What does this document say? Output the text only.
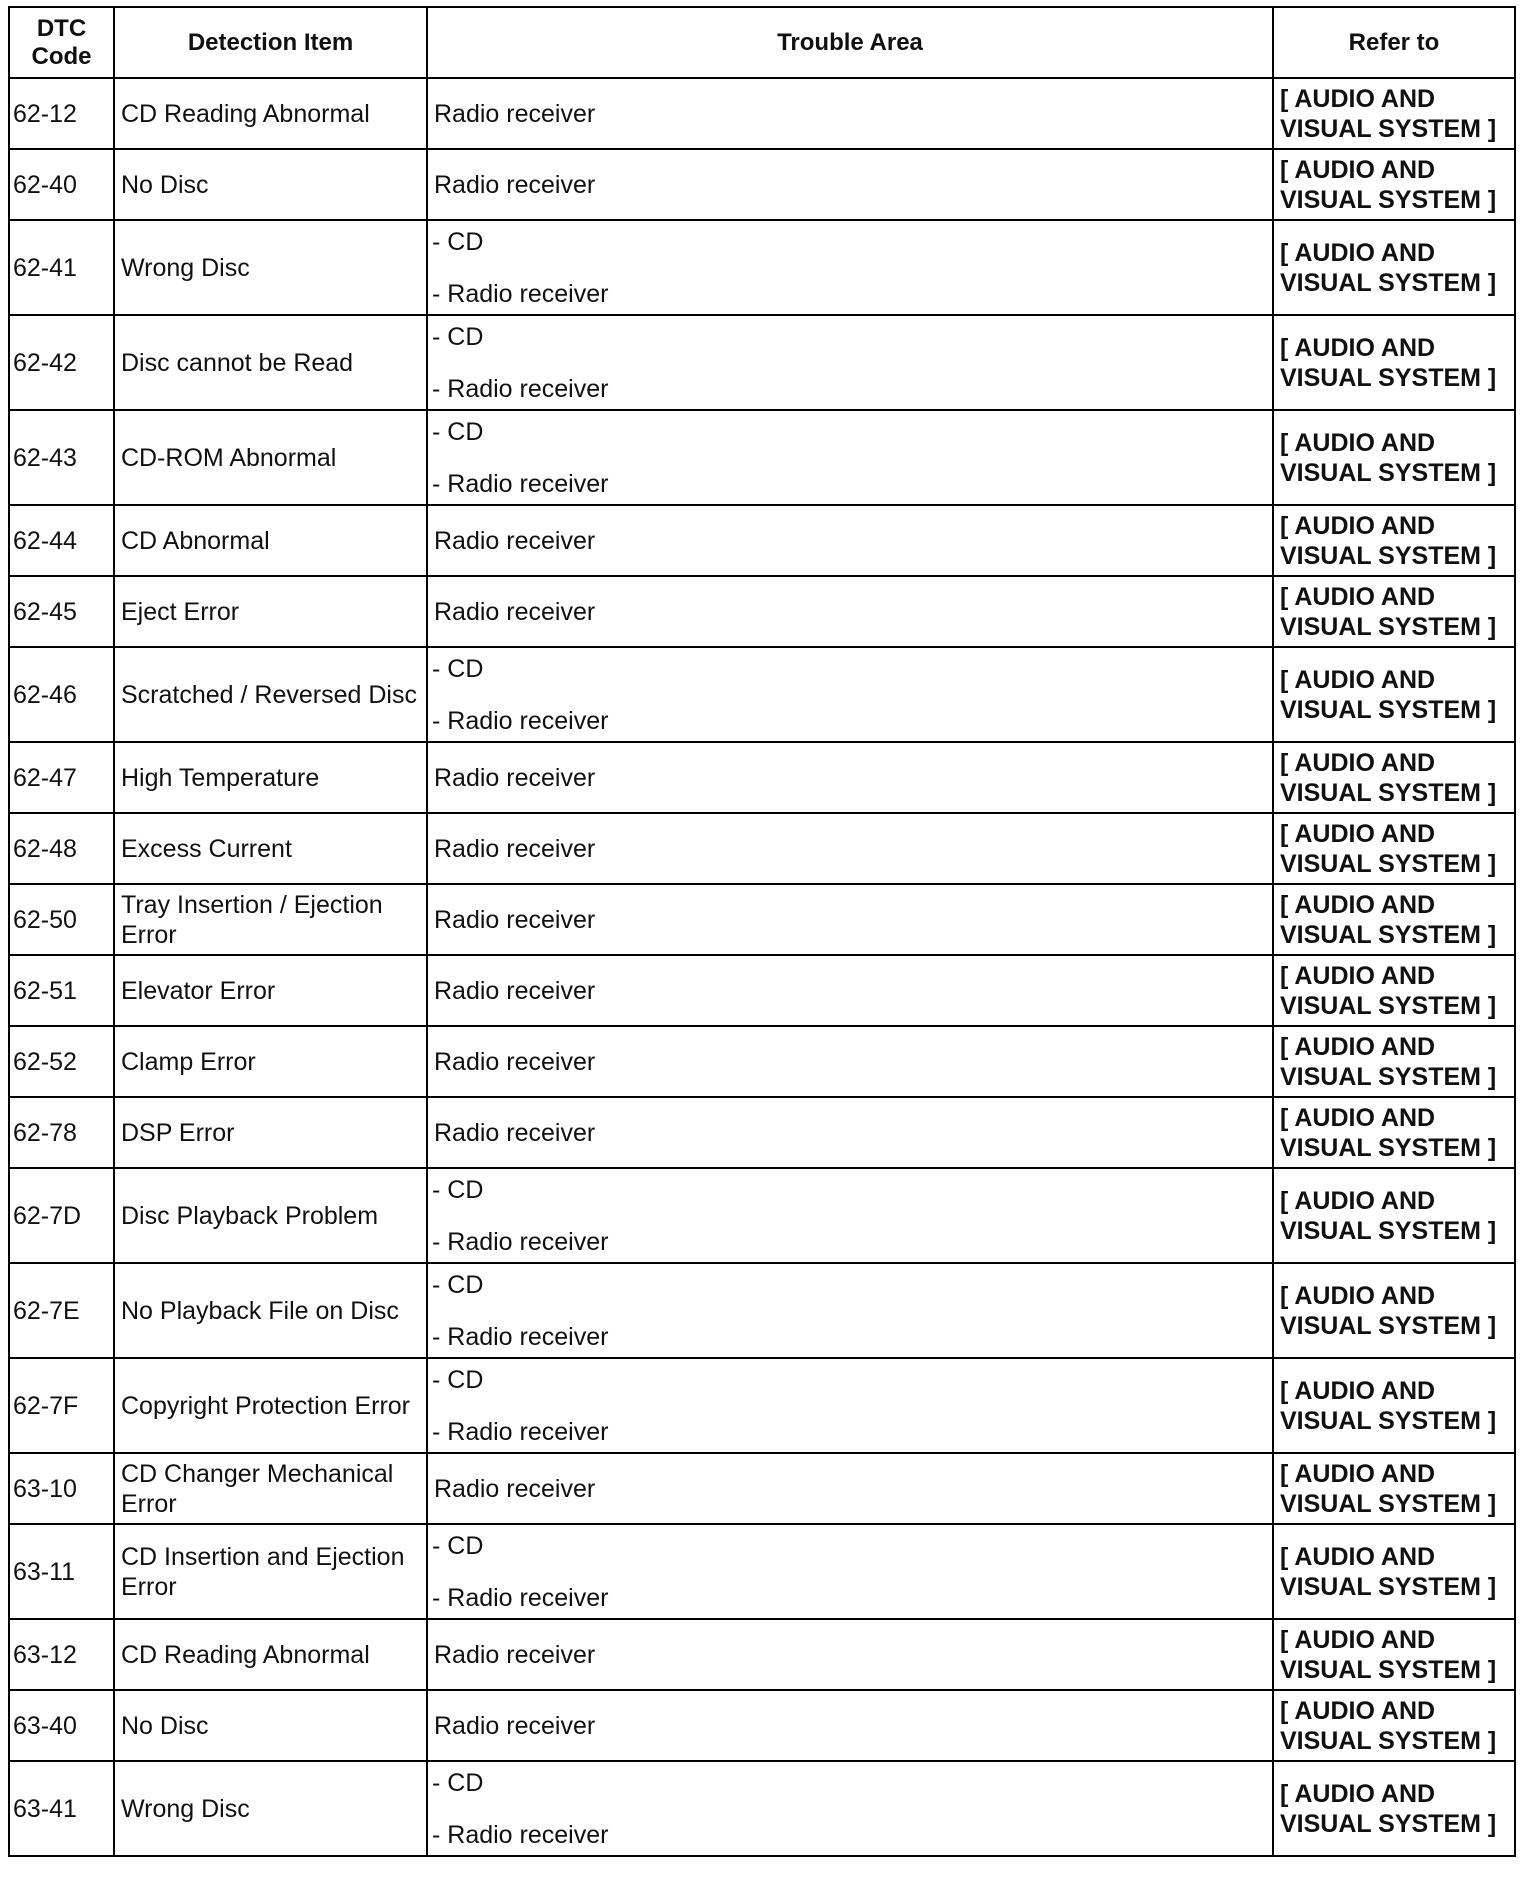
DTC Code	Detection Item	Trouble Area	Refer to
62-12	CD Reading Abnormal	Radio receiver	[ AUDIO AND VISUAL SYSTEM ]
62-40	No Disc	Radio receiver	[ AUDIO AND VISUAL SYSTEM ]
62-41	Wrong Disc	- CD
- Radio receiver	[ AUDIO AND VISUAL SYSTEM ]
62-42	Disc cannot be Read	- CD
- Radio receiver	[ AUDIO AND VISUAL SYSTEM ]
62-43	CD-ROM Abnormal	- CD
- Radio receiver	[ AUDIO AND VISUAL SYSTEM ]
62-44	CD Abnormal	Radio receiver	[ AUDIO AND VISUAL SYSTEM ]
62-45	Eject Error	Radio receiver	[ AUDIO AND VISUAL SYSTEM ]
62-46	Scratched / Reversed Disc	- CD
- Radio receiver	[ AUDIO AND VISUAL SYSTEM ]
62-47	High Temperature	Radio receiver	[ AUDIO AND VISUAL SYSTEM ]
62-48	Excess Current	Radio receiver	[ AUDIO AND VISUAL SYSTEM ]
62-50	Tray Insertion / Ejection Error	Radio receiver	[ AUDIO AND VISUAL SYSTEM ]
62-51	Elevator Error	Radio receiver	[ AUDIO AND VISUAL SYSTEM ]
62-52	Clamp Error	Radio receiver	[ AUDIO AND VISUAL SYSTEM ]
62-78	DSP Error	Radio receiver	[ AUDIO AND VISUAL SYSTEM ]
62-7D	Disc Playback Problem	- CD
- Radio receiver	[ AUDIO AND VISUAL SYSTEM ]
62-7E	No Playback File on Disc	- CD
- Radio receiver	[ AUDIO AND VISUAL SYSTEM ]
62-7F	Copyright Protection Error	- CD
- Radio receiver	[ AUDIO AND VISUAL SYSTEM ]
63-10	CD Changer Mechanical Error	Radio receiver	[ AUDIO AND VISUAL SYSTEM ]
63-11	CD Insertion and Ejection Error	- CD
- Radio receiver	[ AUDIO AND VISUAL SYSTEM ]
63-12	CD Reading Abnormal	Radio receiver	[ AUDIO AND VISUAL SYSTEM ]
63-40	No Disc	Radio receiver	[ AUDIO AND VISUAL SYSTEM ]
63-41	Wrong Disc	- CD
- Radio receiver	[ AUDIO AND VISUAL SYSTEM ]
